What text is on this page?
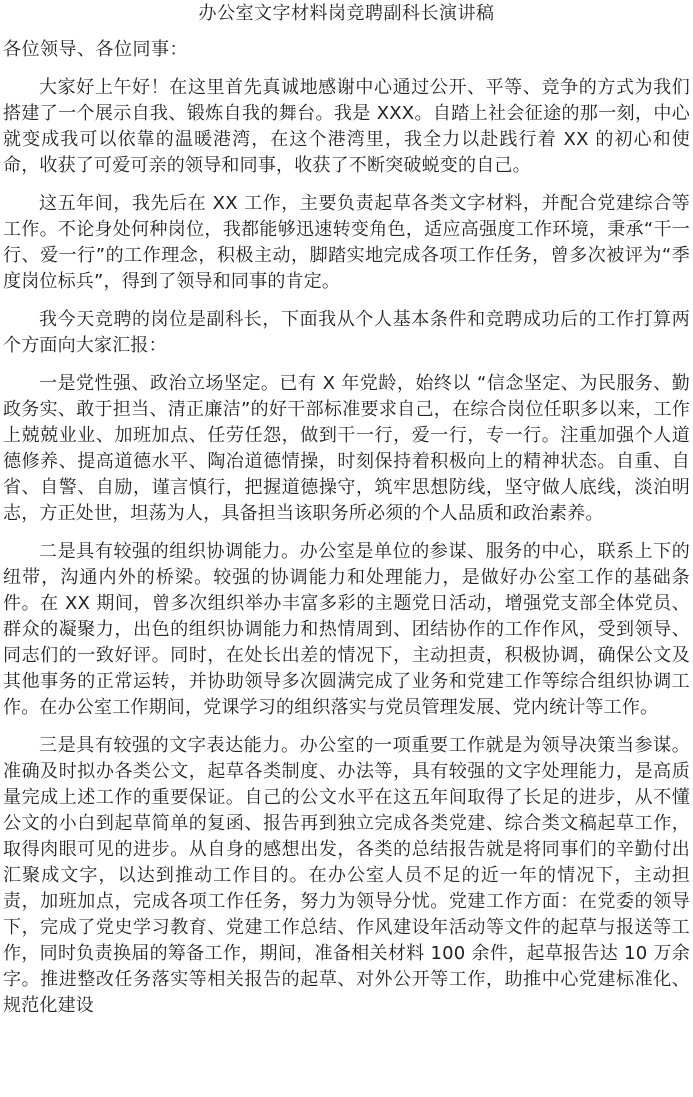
办公室文字材料岗竞聘副科长演讲稿
各位领导、各位同事：

大家好上午好！在这里首先真诚地感谢中心通过公开、平等、竞争的方式为我们搭建了一个展示自我、锻炼自我的舞台。我是 XXX。自踏上社会征途的那一刻，中心就变成我可以依靠的温暖港湾，在这个港湾里，我全力以赴践行着 XX 的初心和使命，收获了可爱可亲的领导和同事，收获了不断突破蜕变的自己。

这五年间，我先后在 XX 工作，主要负责起草各类文字材料，并配合党建综合等工作。不论身处何种岗位，我都能够迅速转变角色，适应高强度工作环境，秉承“干一行、爱一行”的工作理念，积极主动，脚踏实地完成各项工作任务，曾多次被评为“季度岗位标兵”，得到了领导和同事的肯定。

我今天竞聘的岗位是副科长，下面我从个人基本条件和竞聘成功后的工作打算两个方面向大家汇报：

一是党性强、政治立场坚定。已有 X 年党龄，始终以 “信念坚定、为民服务、勤政务实、敢于担当、清正廉洁”的好干部标准要求自己，在综合岗位任职多以来，工作上兢兢业业、加班加点、任劳任怨，做到干一行，爱一行，专一行。注重加强个人道德修养、提高道德水平、陶冶道德情操，时刻保持着积极向上的精神状态。自重、自省、自警、自励，谨言慎行，把握道德操守，筑牢思想防线，坚守做人底线，淡泊明志，方正处世，坦荡为人，具备担当该职务所必须的个人品质和政治素养。

二是具有较强的组织协调能力。办公室是单位的参谋、服务的中心，联系上下的纽带，沟通内外的桥梁。较强的协调能力和处理能力，是做好办公室工作的基础条件。在 XX 期间，曾多次组织举办丰富多彩的主题党日活动，增强党支部全体党员、群众的凝聚力，出色的组织协调能力和热情周到、团结协作的工作作风，受到领导、同志们的一致好评。同时，在处长出差的情况下，主动担责，积极协调，确保公文及其他事务的正常运转，并协助领导多次圆满完成了业务和党建工作等综合组织协调工作。在办公室工作期间，党课学习的组织落实与党员管理发展、党内统计等工作。

三是具有较强的文字表达能力。办公室的一项重要工作就是为领导决策当参谋。准确及时拟办各类公文，起草各类制度、办法等，具有较强的文字处理能力，是高质量完成上述工作的重要保证。自己的公文水平在这五年间取得了长足的进步，从不懂公文的小白到起草简单的复函、报告再到独立完成各类党建、综合类文稿起草工作，取得肉眼可见的进步。从自身的感想出发，各类的总结报告就是将同事们的辛勤付出汇聚成文字，以达到推动工作目的。在办公室人员不足的近一年的情况下，主动担责，加班加点，完成各项工作任务，努力为领导分忧。党建工作方面：在党委的领导下，完成了党史学习教育、党建工作总结、作风建设年活动等文件的起草与报送等工作，同时负责换届的筹备工作，期间，准备相关材料 100 余件，起草报告达 10 万余字。推进整改任务落实等相关报告的起草、对外公开等工作，助推中心党建标准化、规范化建设
